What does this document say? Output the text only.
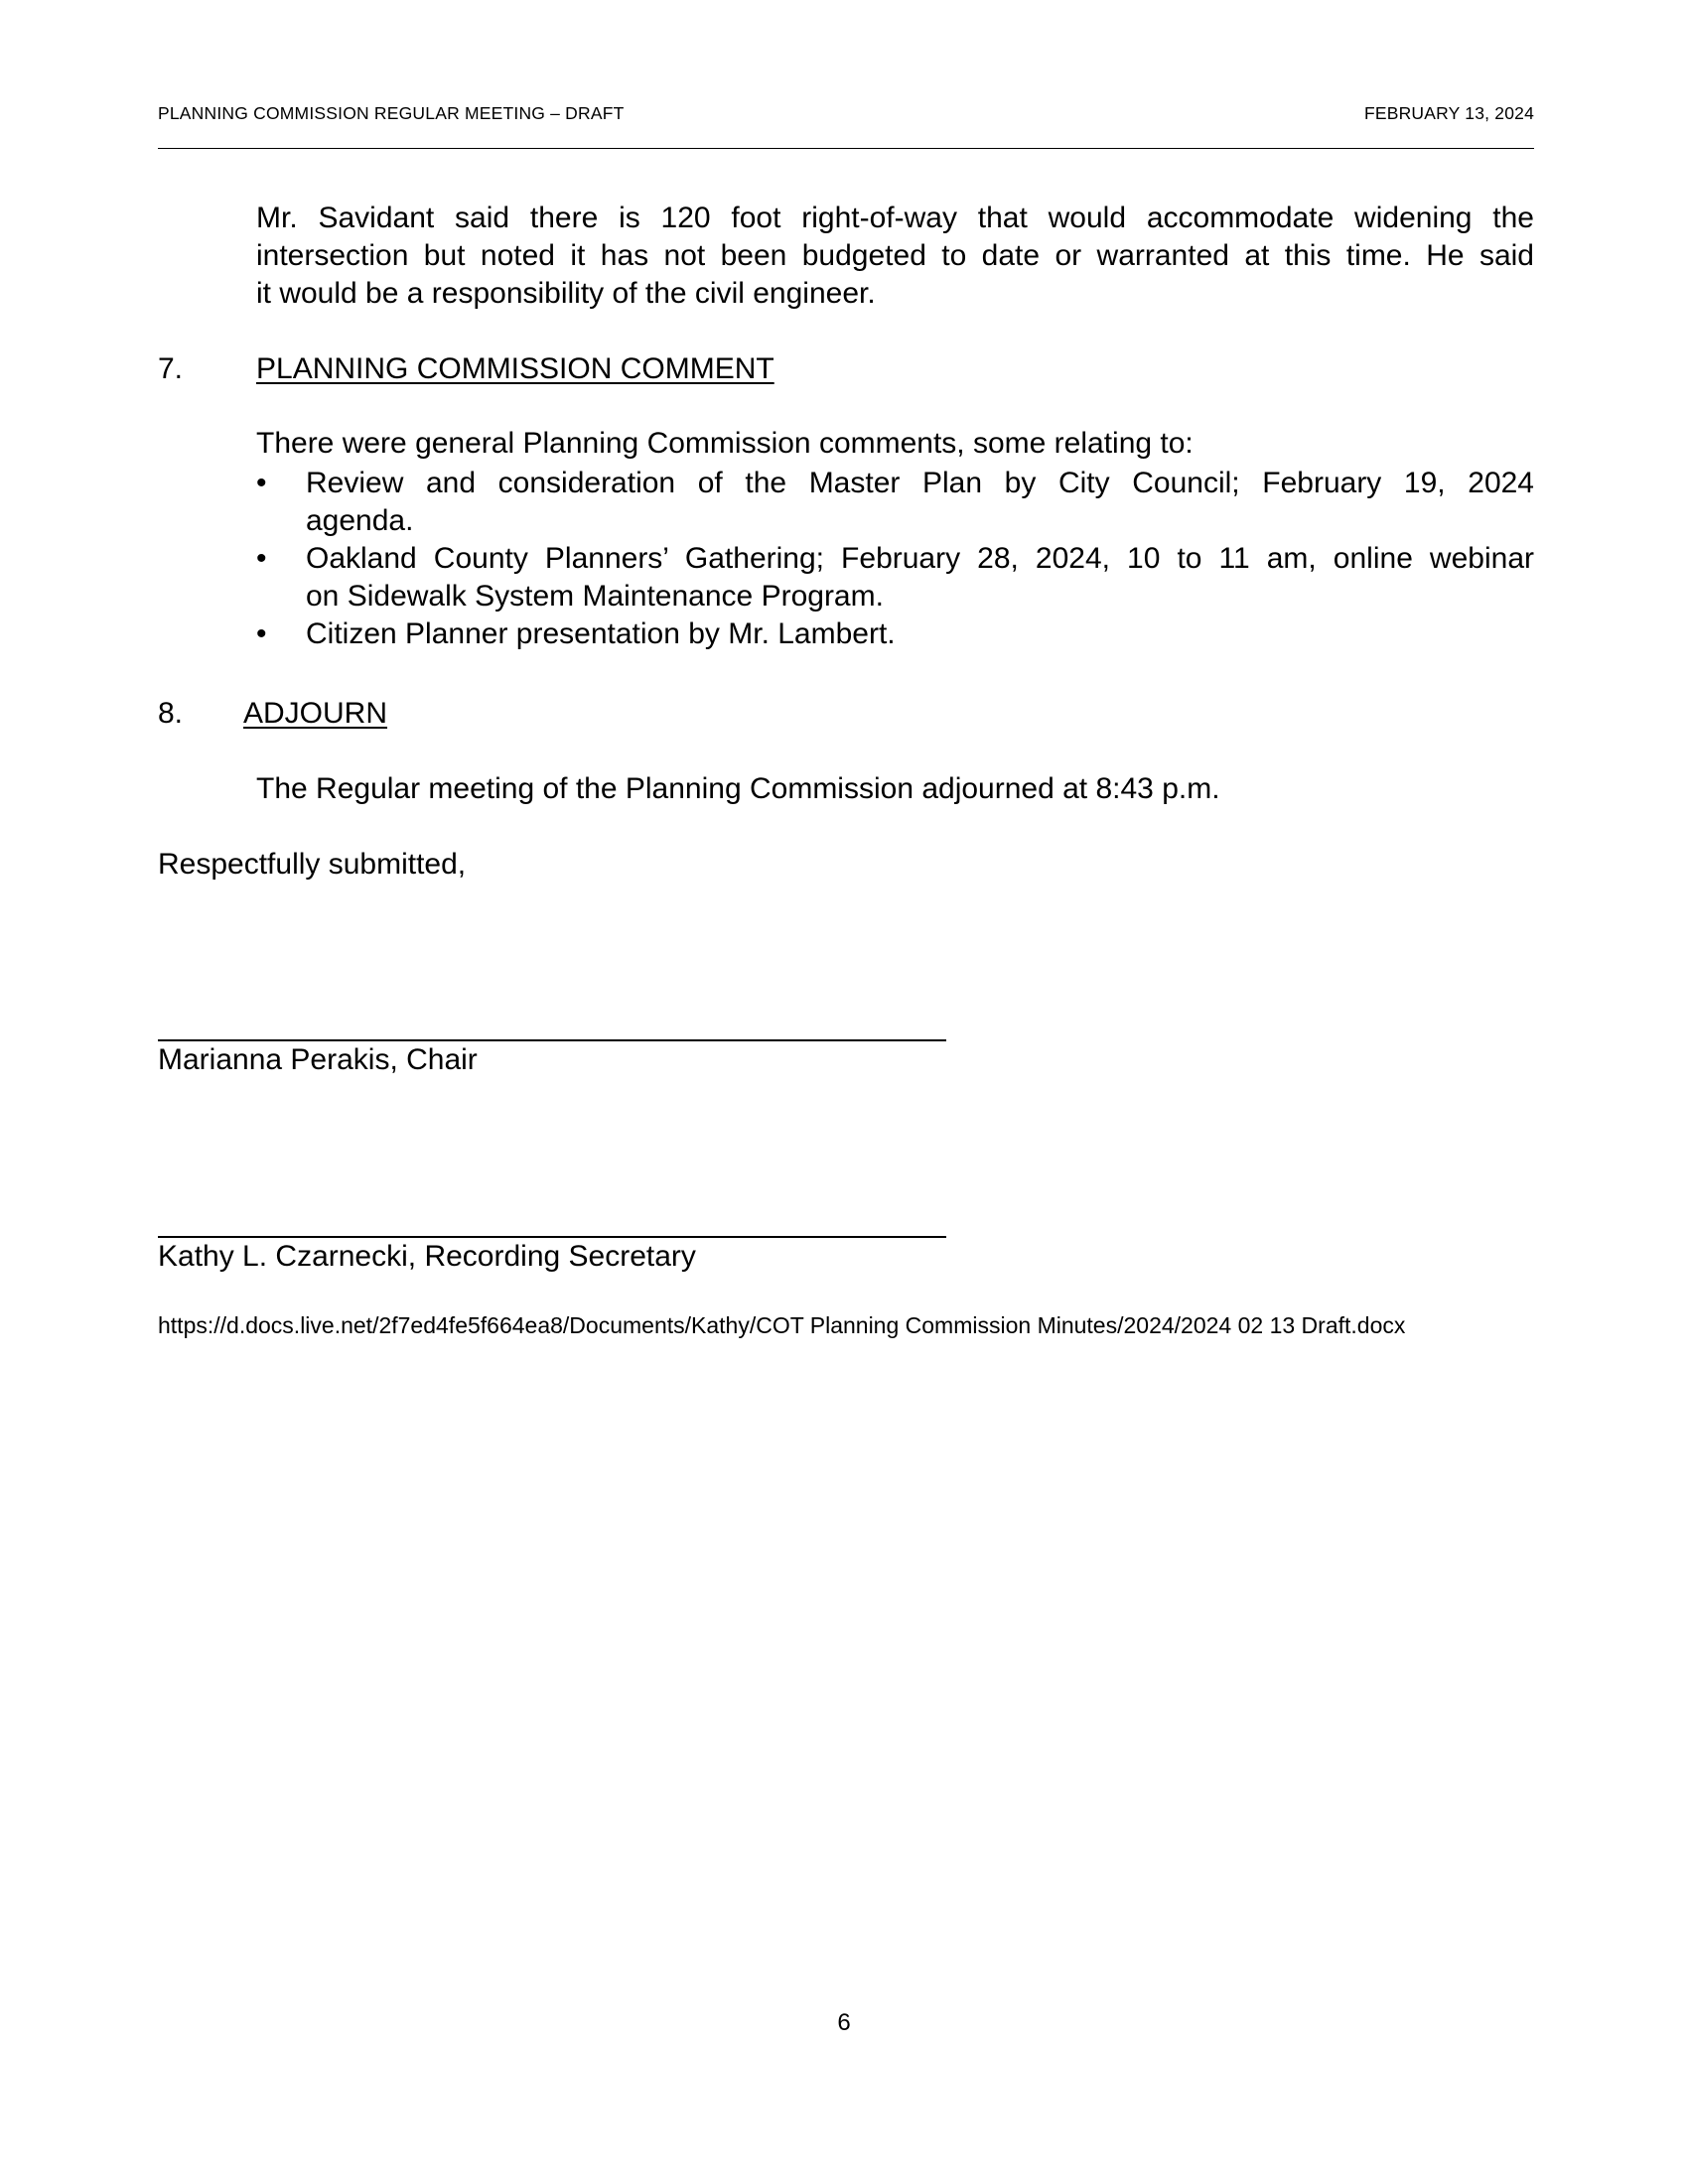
PLANNING COMMISSION REGULAR MEETING – DRAFT	FEBRUARY 13, 2024
Mr. Savidant said there is 120 foot right-of-way that would accommodate widening the
intersection but noted it has not been budgeted to date or warranted at this time. He said
it would be a responsibility of the civil engineer.
7. PLANNING COMMISSION COMMENT
There were general Planning Commission comments, some relating to:
• Review and consideration of the Master Plan by City Council; February 19, 2024
agenda.
• Oakland County Planners’ Gathering; February 28, 2024, 10 to 11 am, online webinar
on Sidewalk System Maintenance Program.
• Citizen Planner presentation by Mr. Lambert.
8. ADJOURN
The Regular meeting of the Planning Commission adjourned at 8:43 p.m.
Respectfully submitted,
Marianna Perakis, Chair
Kathy L. Czarnecki, Recording Secretary
https://d.docs.live.net/2f7ed4fe5f664ea8/Documents/Kathy/COT Planning Commission Minutes/2024/2024 02 13 Draft.docx
6
